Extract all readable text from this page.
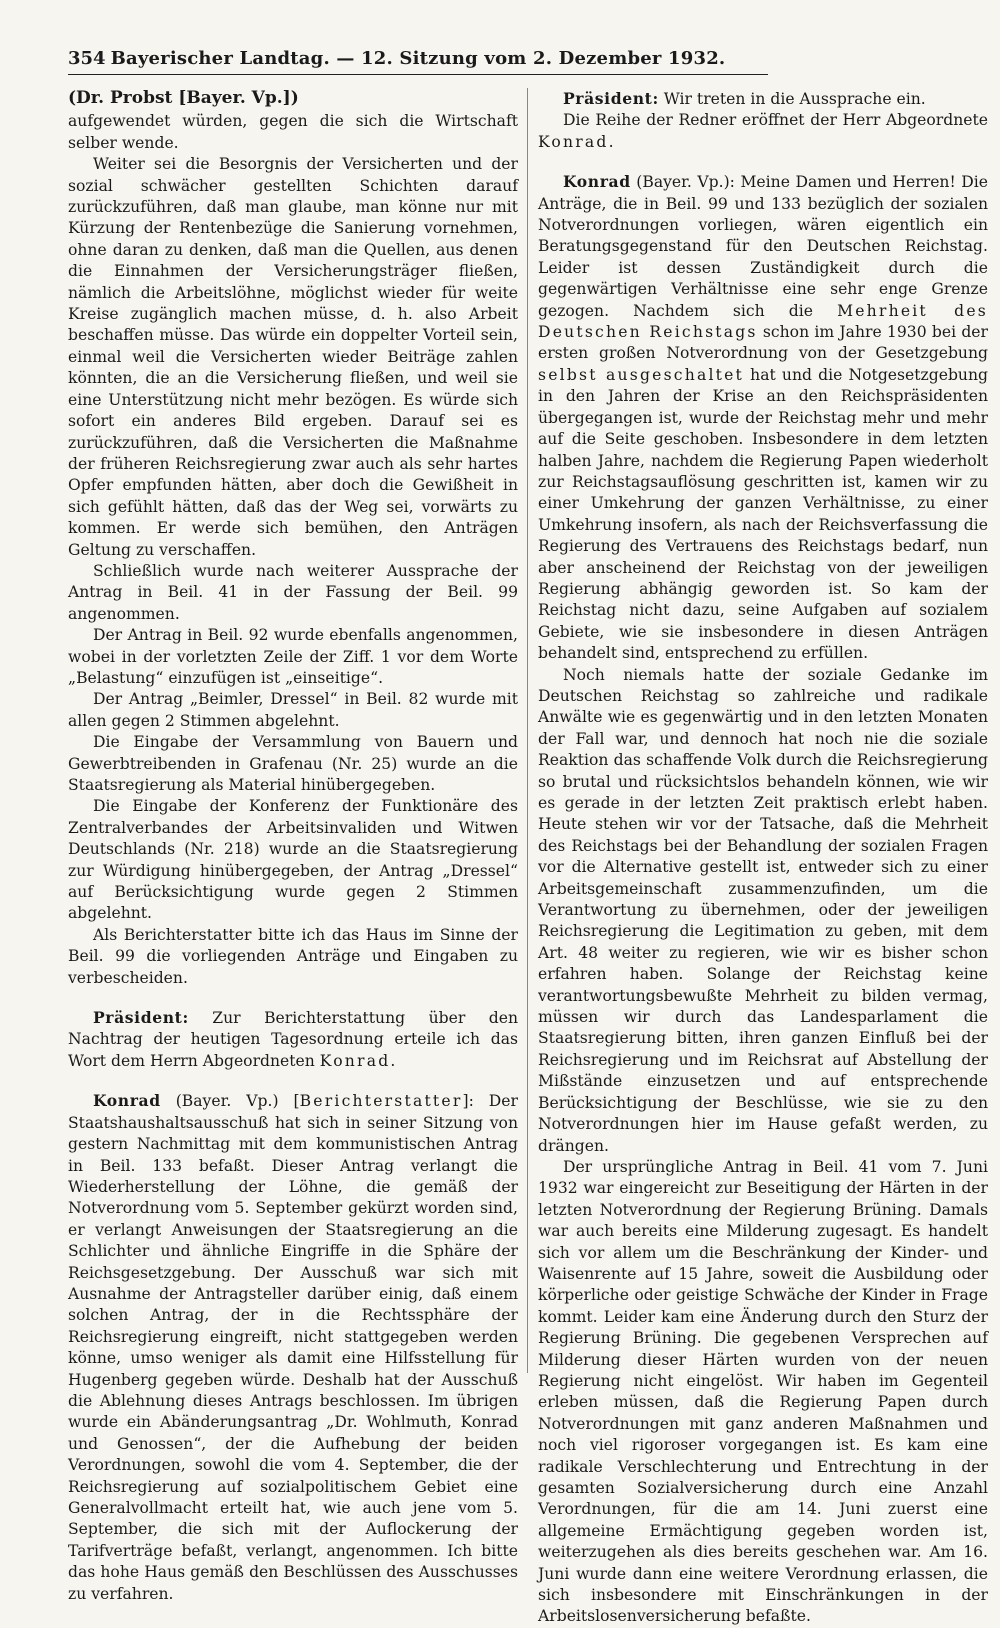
354 Bayerischer Landtag. — 12. Sitzung vom 2. Dezember 1932.
(Dr. Probst [Bayer. Vp.])

aufgewendet würden, gegen die sich die Wirtschaft selber wende.

Weiter sei die Besorgnis der Versicherten und der sozial schwächer gestellten Schichten darauf zurückzuführen, daß man glaube, man könne nur mit Kürzung der Rentenbezüge die Sanierung vornehmen, ohne daran zu denken, daß man die Quellen, aus denen die Einnahmen der Versicherungsträger fließen, nämlich die Arbeitslöhne, möglichst wieder für weite Kreise zugänglich machen müsse, d. h. also Arbeit beschaffen müsse. Das würde ein doppelter Vorteil sein, einmal weil die Versicherten wieder Beiträge zahlen könnten, die an die Versicherung fließen, und weil sie eine Unterstützung nicht mehr bezögen. Es würde sich sofort ein anderes Bild ergeben. Darauf sei es zurückzuführen, daß die Versicherten die Maßnahme der früheren Reichsregierung zwar auch als sehr hartes Opfer empfunden hätten, aber doch die Gewißheit in sich gefühlt hätten, daß das der Weg sei, vorwärts zu kommen. Er werde sich bemühen, den Anträgen Geltung zu verschaffen.

Schließlich wurde nach weiterer Aussprache der Antrag in Beil. 41 in der Fassung der Beil. 99 angenommen.

Der Antrag in Beil. 92 wurde ebenfalls angenommen, wobei in der vorletzten Zeile der Ziff. 1 vor dem Worte „Belastung“ einzufügen ist „einseitige“.

Der Antrag „Beimler, Dressel“ in Beil. 82 wurde mit allen gegen 2 Stimmen abgelehnt.

Die Eingabe der Versammlung von Bauern und Gewerbtreibenden in Grafenau (Nr. 25) wurde an die Staatsregierung als Material hinübergegeben.

Die Eingabe der Konferenz der Funktionäre des Zentralverbandes der Arbeitsinvaliden und Witwen Deutschlands (Nr. 218) wurde an die Staatsregierung zur Würdigung hinübergegeben, der Antrag „Dressel“ auf Berücksichtigung wurde gegen 2 Stimmen abgelehnt.

Als Berichterstatter bitte ich das Haus im Sinne der Beil. 99 die vorliegenden Anträge und Eingaben zu verbescheiden.

Präsident: Zur Berichterstattung über den Nachtrag der heutigen Tagesordnung erteile ich das Wort dem Herrn Abgeordneten Konrad.

Konrad (Bayer. Vp.) [Berichterstatter]: Der Staatshaushaltsausschuß hat sich in seiner Sitzung von gestern Nachmittag mit dem kommunistischen Antrag in Beil. 133 befaßt. Dieser Antrag verlangt die Wiederherstellung der Löhne, die gemäß der Notverordnung vom 5. September gekürzt worden sind, er verlangt Anweisungen der Staatsregierung an die Schlichter und ähnliche Eingriffe in die Sphäre der Reichsgesetzgebung. Der Ausschuß war sich mit Ausnahme der Antragsteller darüber einig, daß einem solchen Antrag, der in die Rechtssphäre der Reichsregierung eingreift, nicht stattgegeben werden könne, umso weniger als damit eine Hilfsstellung für Hugenberg gegeben würde. Deshalb hat der Ausschuß die Ablehnung dieses Antrags beschlossen. Im übrigen wurde ein Abänderungsantrag „Dr. Wohlmuth, Konrad und Genossen“, der die Aufhebung der beiden Verordnungen, sowohl die vom 4. September, die der Reichsregierung auf sozialpolitischem Gebiet eine Generalvollmacht erteilt hat, wie auch jene vom 5. September, die sich mit der Auflockerung der Tarifverträge befaßt, verlangt, angenommen. Ich bitte das hohe Haus gemäß den Beschlüssen des Ausschusses zu verfahren.

Präsident: Wir treten in die Aussprache ein.

Die Reihe der Redner eröffnet der Herr Abgeordnete Konrad.

Konrad (Bayer. Vp.): Meine Damen und Herren! Die Anträge, die in Beil. 99 und 133 bezüglich der sozialen Notverordnungen vorliegen, wären eigentlich ein Beratungsgegenstand für den Deutschen Reichstag. Leider ist dessen Zuständigkeit durch die gegenwärtigen Verhältnisse eine sehr enge Grenze gezogen. Nachdem sich die Mehrheit des Deutschen Reichstags schon im Jahre 1930 bei der ersten großen Notverordnung von der Gesetzgebung selbst ausgeschaltet hat und die Notgesetzgebung in den Jahren der Krise an den Reichspräsidenten übergegangen ist, wurde der Reichstag mehr und mehr auf die Seite geschoben. Insbesondere in dem letzten halben Jahre, nachdem die Regierung Papen wiederholt zur Reichstagsauflösung geschritten ist, kamen wir zu einer Umkehrung der ganzen Verhältnisse, zu einer Umkehrung insofern, als nach der Reichsverfassung die Regierung des Vertrauens des Reichstags bedarf, nun aber anscheinend der Reichstag von der jeweiligen Regierung abhängig geworden ist. So kam der Reichstag nicht dazu, seine Aufgaben auf sozialem Gebiete, wie sie insbesondere in diesen Anträgen behandelt sind, entsprechend zu erfüllen.

Noch niemals hatte der soziale Gedanke im Deutschen Reichstag so zahlreiche und radikale Anwälte wie es gegenwärtig und in den letzten Monaten der Fall war, und dennoch hat noch nie die soziale Reaktion das schaffende Volk durch die Reichsregierung so brutal und rücksichtslos behandeln können, wie wir es gerade in der letzten Zeit praktisch erlebt haben. Heute stehen wir vor der Tatsache, daß die Mehrheit des Reichstags bei der Behandlung der sozialen Fragen vor die Alternative gestellt ist, entweder sich zu einer Arbeitsgemeinschaft zusammenzufinden, um die Verantwortung zu übernehmen, oder der jeweiligen Reichsregierung die Legitimation zu geben, mit dem Art. 48 weiter zu regieren, wie wir es bisher schon erfahren haben. Solange der Reichstag keine verantwortungsbewußte Mehrheit zu bilden vermag, müssen wir durch das Landesparlament die Staatsregierung bitten, ihren ganzen Einfluß bei der Reichsregierung und im Reichsrat auf Abstellung der Mißstände einzusetzen und auf entsprechende Berücksichtigung der Beschlüsse, wie sie zu den Notverordnungen hier im Hause gefaßt werden, zu drängen.

Der ursprüngliche Antrag in Beil. 41 vom 7. Juni 1932 war eingereicht zur Beseitigung der Härten in der letzten Notverordnung der Regierung Brüning. Damals war auch bereits eine Milderung zugesagt. Es handelt sich vor allem um die Beschränkung der Kinder- und Waisenrente auf 15 Jahre, soweit die Ausbildung oder körperliche oder geistige Schwäche der Kinder in Frage kommt. Leider kam eine Änderung durch den Sturz der Regierung Brüning. Die gegebenen Versprechen auf Milderung dieser Härten wurden von der neuen Regierung nicht eingelöst. Wir haben im Gegenteil erleben müssen, daß die Regierung Papen durch Notverordnungen mit ganz anderen Maßnahmen und noch viel rigoroser vorgegangen ist. Es kam eine radikale Verschlechterung und Entrechtung in der gesamten Sozialversicherung durch eine Anzahl Verordnungen, für die am 14. Juni zuerst eine allgemeine Ermächtigung gegeben worden ist, weiterzugehen als dies bereits geschehen war. Am 16. Juni wurde dann eine weitere Verordnung erlassen, die sich insbesondere mit Einschränkungen in der Arbeitslosenversicherung befaßte.
